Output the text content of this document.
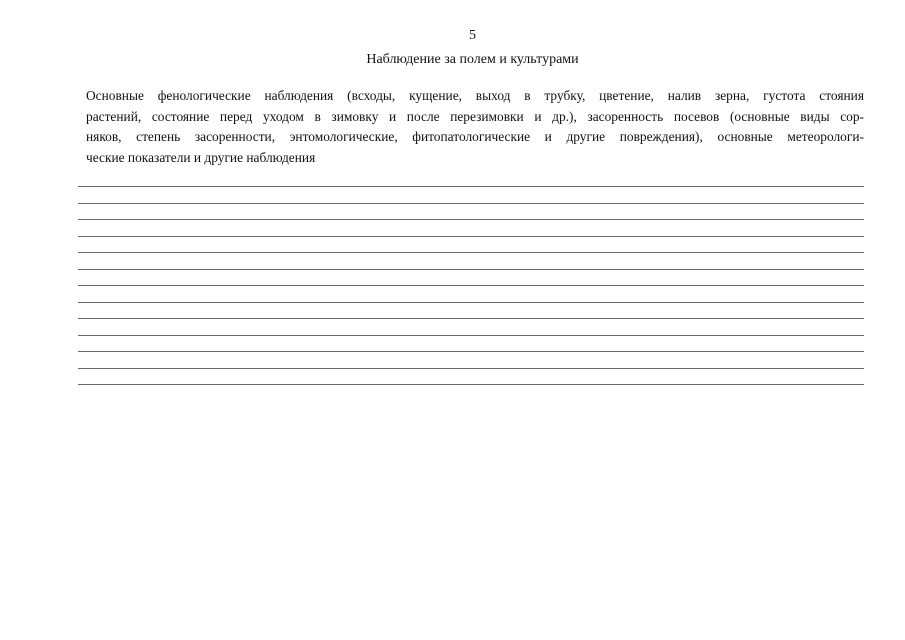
5
Наблюдение за полем и культурами
Основные фенологические наблюдения (всходы, кущение, выход в трубку, цветение, налив зерна, густота стояния
растений, состояние перед уходом в зимовку и после перезимовки и др.), засоренность посевов (основные виды сор-
няков, степень засоренности, энтомологические, фитопатологические и другие повреждения), основные метеорологи-
ческие показатели и другие наблюдения
